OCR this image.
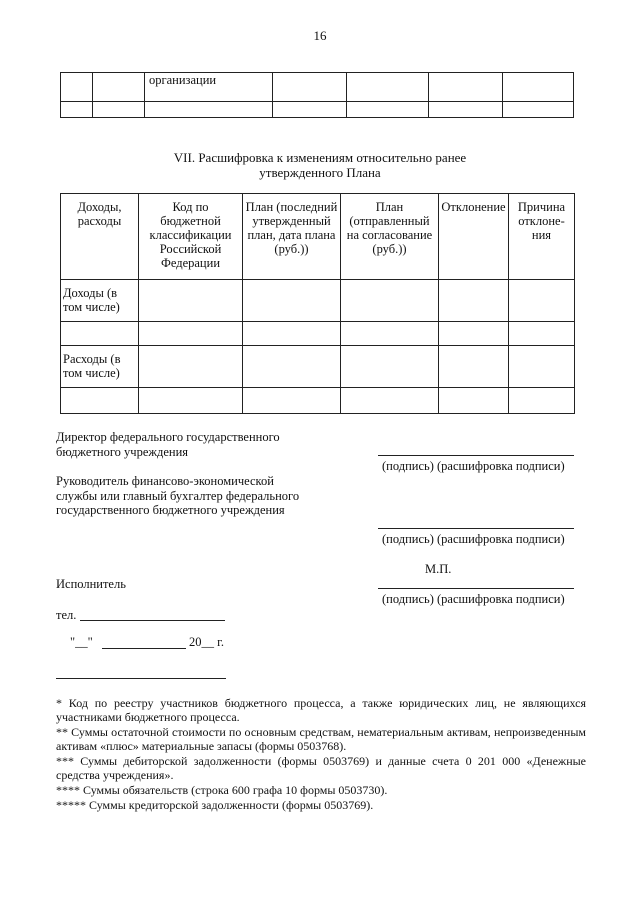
16
		организации				

VII. Расшифровка к изменениям относительно ранее
утвержденного Плана
Доходы, расходы	Код по бюджетной классификации Российской Федерации	План (последний утвержденный план, дата плана (руб.))	План (отправленный на согласование (руб.))	Отклонение	Причина отклоне-ния
Доходы (в том числе)					

Расходы (в том числе)					

Директор федерального государственного бюджетного учреждения
(подпись) (расшифровка подписи)
Руководитель финансово-экономической службы или главный бухгалтер федерального государственного бюджетного учреждения
(подпись) (расшифровка подписи)
М.П.
Исполнитель
(подпись) (расшифровка подписи)
тел.
"__"	20__ г.
* Код по реестру участников бюджетного процесса, а также юридических лиц, не являющихся участниками бюджетного процесса.
** Суммы остаточной стоимости по основным средствам, нематериальным активам, непроизведенным активам «плюс» материальные запасы (формы 0503768).
*** Суммы дебиторской задолженности (формы 0503769) и данные счета 0 201 000 «Денежные средства учреждения».
**** Суммы обязательств (строка 600 графа 10 формы 0503730).
***** Суммы кредиторской задолженности (формы 0503769).
